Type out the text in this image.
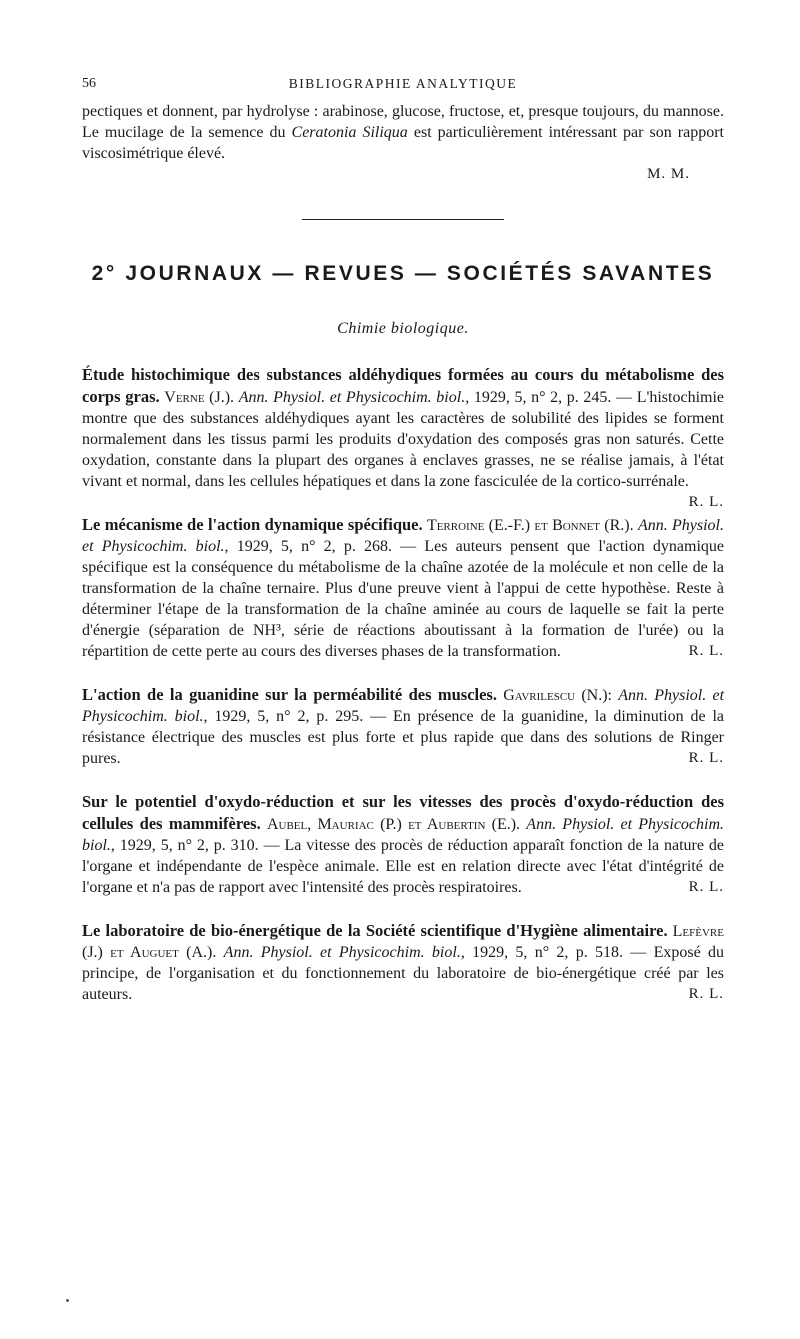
56	BIBLIOGRAPHIE ANALYTIQUE

pectiques et donnent, par hydrolyse : arabinose, glucose, fructose, et, presque toujours, du mannose. Le mucilage de la semence du Ceratonia Siliqua est particulièrement intéressant par son rapport viscosimétrique élevé.

M. M.
2° JOURNAUX — REVUES — SOCIÉTÉS SAVANTES
Chimie biologique.

Étude histochimique des substances aldéhydiques formées au cours du métabolisme des corps gras. Verne (J.). Ann. Physiol. et Physicochim. biol., 1929, 5, n° 2, p. 245. — L'histochimie montre que des substances aldéhydiques ayant les caractères de solubilité des lipides se forment normalement dans les tissus parmi les produits d'oxydation des composés gras non saturés. Cette oxydation, constante dans la plupart des organes à enclaves grasses, ne se réalise jamais, à l'état vivant et normal, dans les cellules hépatiques et dans la zone fasciculée de la cortico-surrénale.
R. L.

Le mécanisme de l'action dynamique spécifique. Terroine (E.-F.) et Bonnet (R.). Ann. Physiol. et Physicochim. biol., 1929, 5, n° 2, p. 268. — Les auteurs pensent que l'action dynamique spécifique est la conséquence du métabolisme de la chaîne azotée de la molécule et non celle de la transformation de la chaîne ternaire. Plus d'une preuve vient à l'appui de cette hypothèse. Reste à déterminer l'étape de la transformation de la chaîne aminée au cours de laquelle se fait la perte d'énergie (séparation de NH³, série de réactions aboutissant à la formation de l'urée) ou la répartition de cette perte au cours des diverses phases de la transformation.	R. L.

L'action de la guanidine sur la perméabilité des muscles. Gavrilescu (N.): Ann. Physiol. et Physicochim. biol., 1929, 5, n° 2, p. 295. — En présence de la guanidine, la diminution de la résistance électrique des muscles est plus forte et plus rapide que dans des solutions de Ringer pures.	R. L.

Sur le potentiel d'oxydo-réduction et sur les vitesses des procès d'oxydo-réduction des cellules des mammifères. Aubel, Mauriac (P.) et Aubertin (E.). Ann. Physiol. et Physicochim. biol., 1929, 5, n° 2, p. 310. — La vitesse des procès de réduction apparaît fonction de la nature de l'organe et indépendante de l'espèce animale. Elle est en relation directe avec l'état d'intégrité de l'organe et n'a pas de rapport avec l'intensité des procès respiratoires.	R. L.

Le laboratoire de bio-énergétique de la Société scientifique d'Hygiène alimentaire. Lefèvre (J.) et Auguet (A.). Ann. Physiol. et Physicochim. biol., 1929, 5, n° 2, p. 518. — Exposé du principe, de l'organisation et du fonctionnement du laboratoire de bio-énergétique créé par les auteurs.	R. L.
